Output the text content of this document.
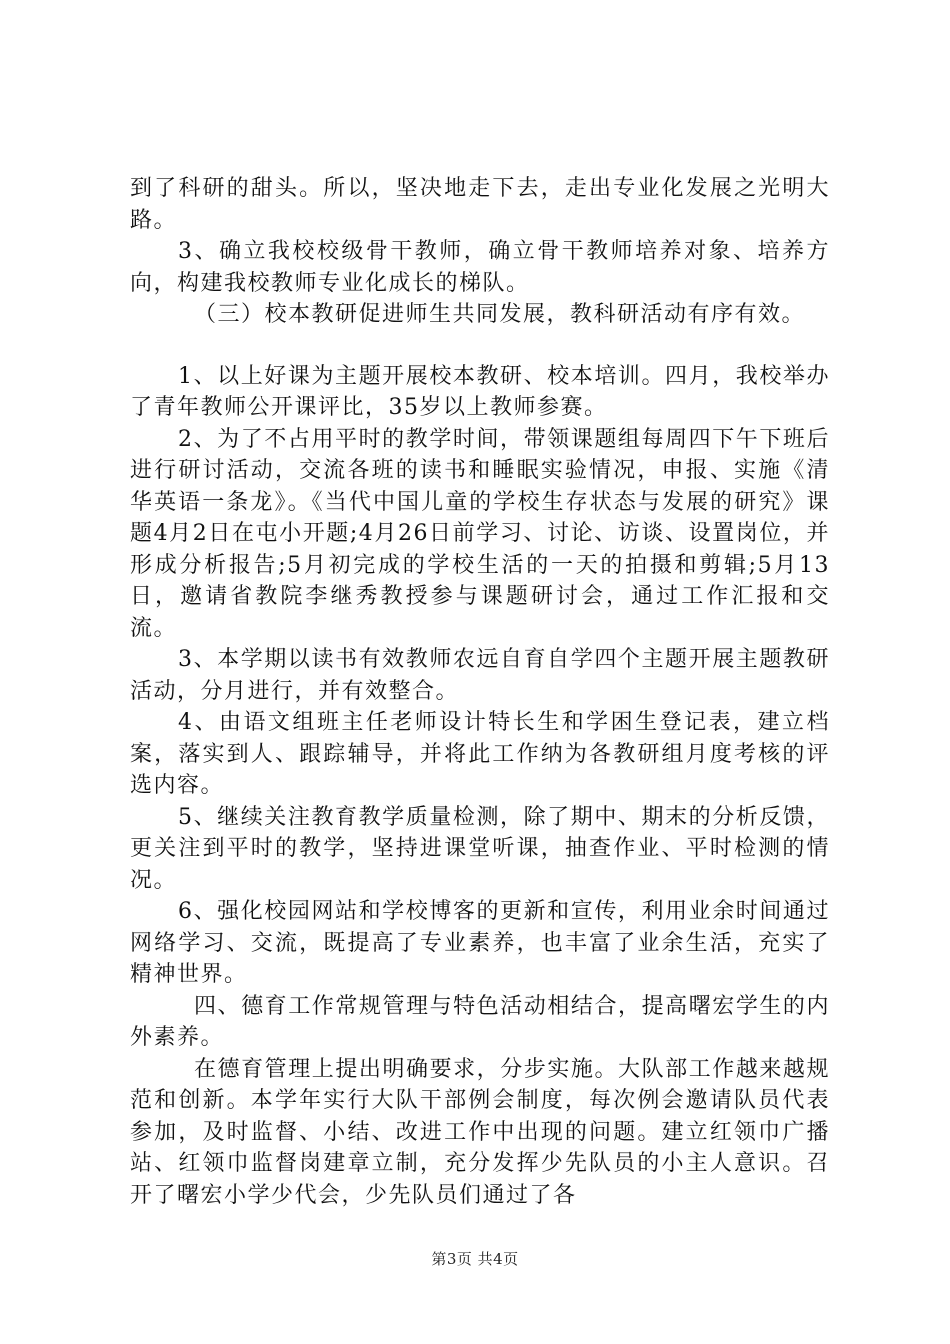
到了科研的甜头。所以，坚决地走下去，走出专业化发展之光明大路。

3、确立我校校级骨干教师，确立骨干教师培养对象、培养方向，构建我校教师专业化成长的梯队。

（三）校本教研促进师生共同发展，教科研活动有序有效。

1、以上好课为主题开展校本教研、校本培训。四月，我校举办了青年教师公开课评比，35岁以上教师参赛。

2、为了不占用平时的教学时间，带领课题组每周四下午下班后进行研讨活动，交流各班的读书和睡眠实验情况，申报、实施《清华英语一条龙》。《当代中国儿童的学校生存状态与发展的研究》课题4月2日在屯小开题;4月26日前学习、讨论、访谈、设置岗位，并形成分析报告;5月初完成的学校生活的一天的拍摄和剪辑;5月13日，邀请省教院李继秀教授参与课题研讨会，通过工作汇报和交流。

3、本学期以读书有效教师农远自育自学四个主题开展主题教研活动，分月进行，并有效整合。

4、由语文组班主任老师设计特长生和学困生登记表，建立档案，落实到人、跟踪辅导，并将此工作纳为各教研组月度考核的评选内容。

5、继续关注教育教学质量检测，除了期中、期末的分析反馈，更关注到平时的教学，坚持进课堂听课，抽查作业、平时检测的情况。

6、强化校园网站和学校博客的更新和宣传，利用业余时间通过网络学习、交流，既提高了专业素养，也丰富了业余生活，充实了精神世界。

四、德育工作常规管理与特色活动相结合，提高曙宏学生的内外素养。

在德育管理上提出明确要求，分步实施。大队部工作越来越规范和创新。本学年实行大队干部例会制度，每次例会邀请队员代表参加，及时监督、小结、改进工作中出现的问题。建立红领巾广播站、红领巾监督岗建章立制，充分发挥少先队员的小主人意识。召开了曙宏小学少代会，少先队员们通过了各

第3页 共4页
